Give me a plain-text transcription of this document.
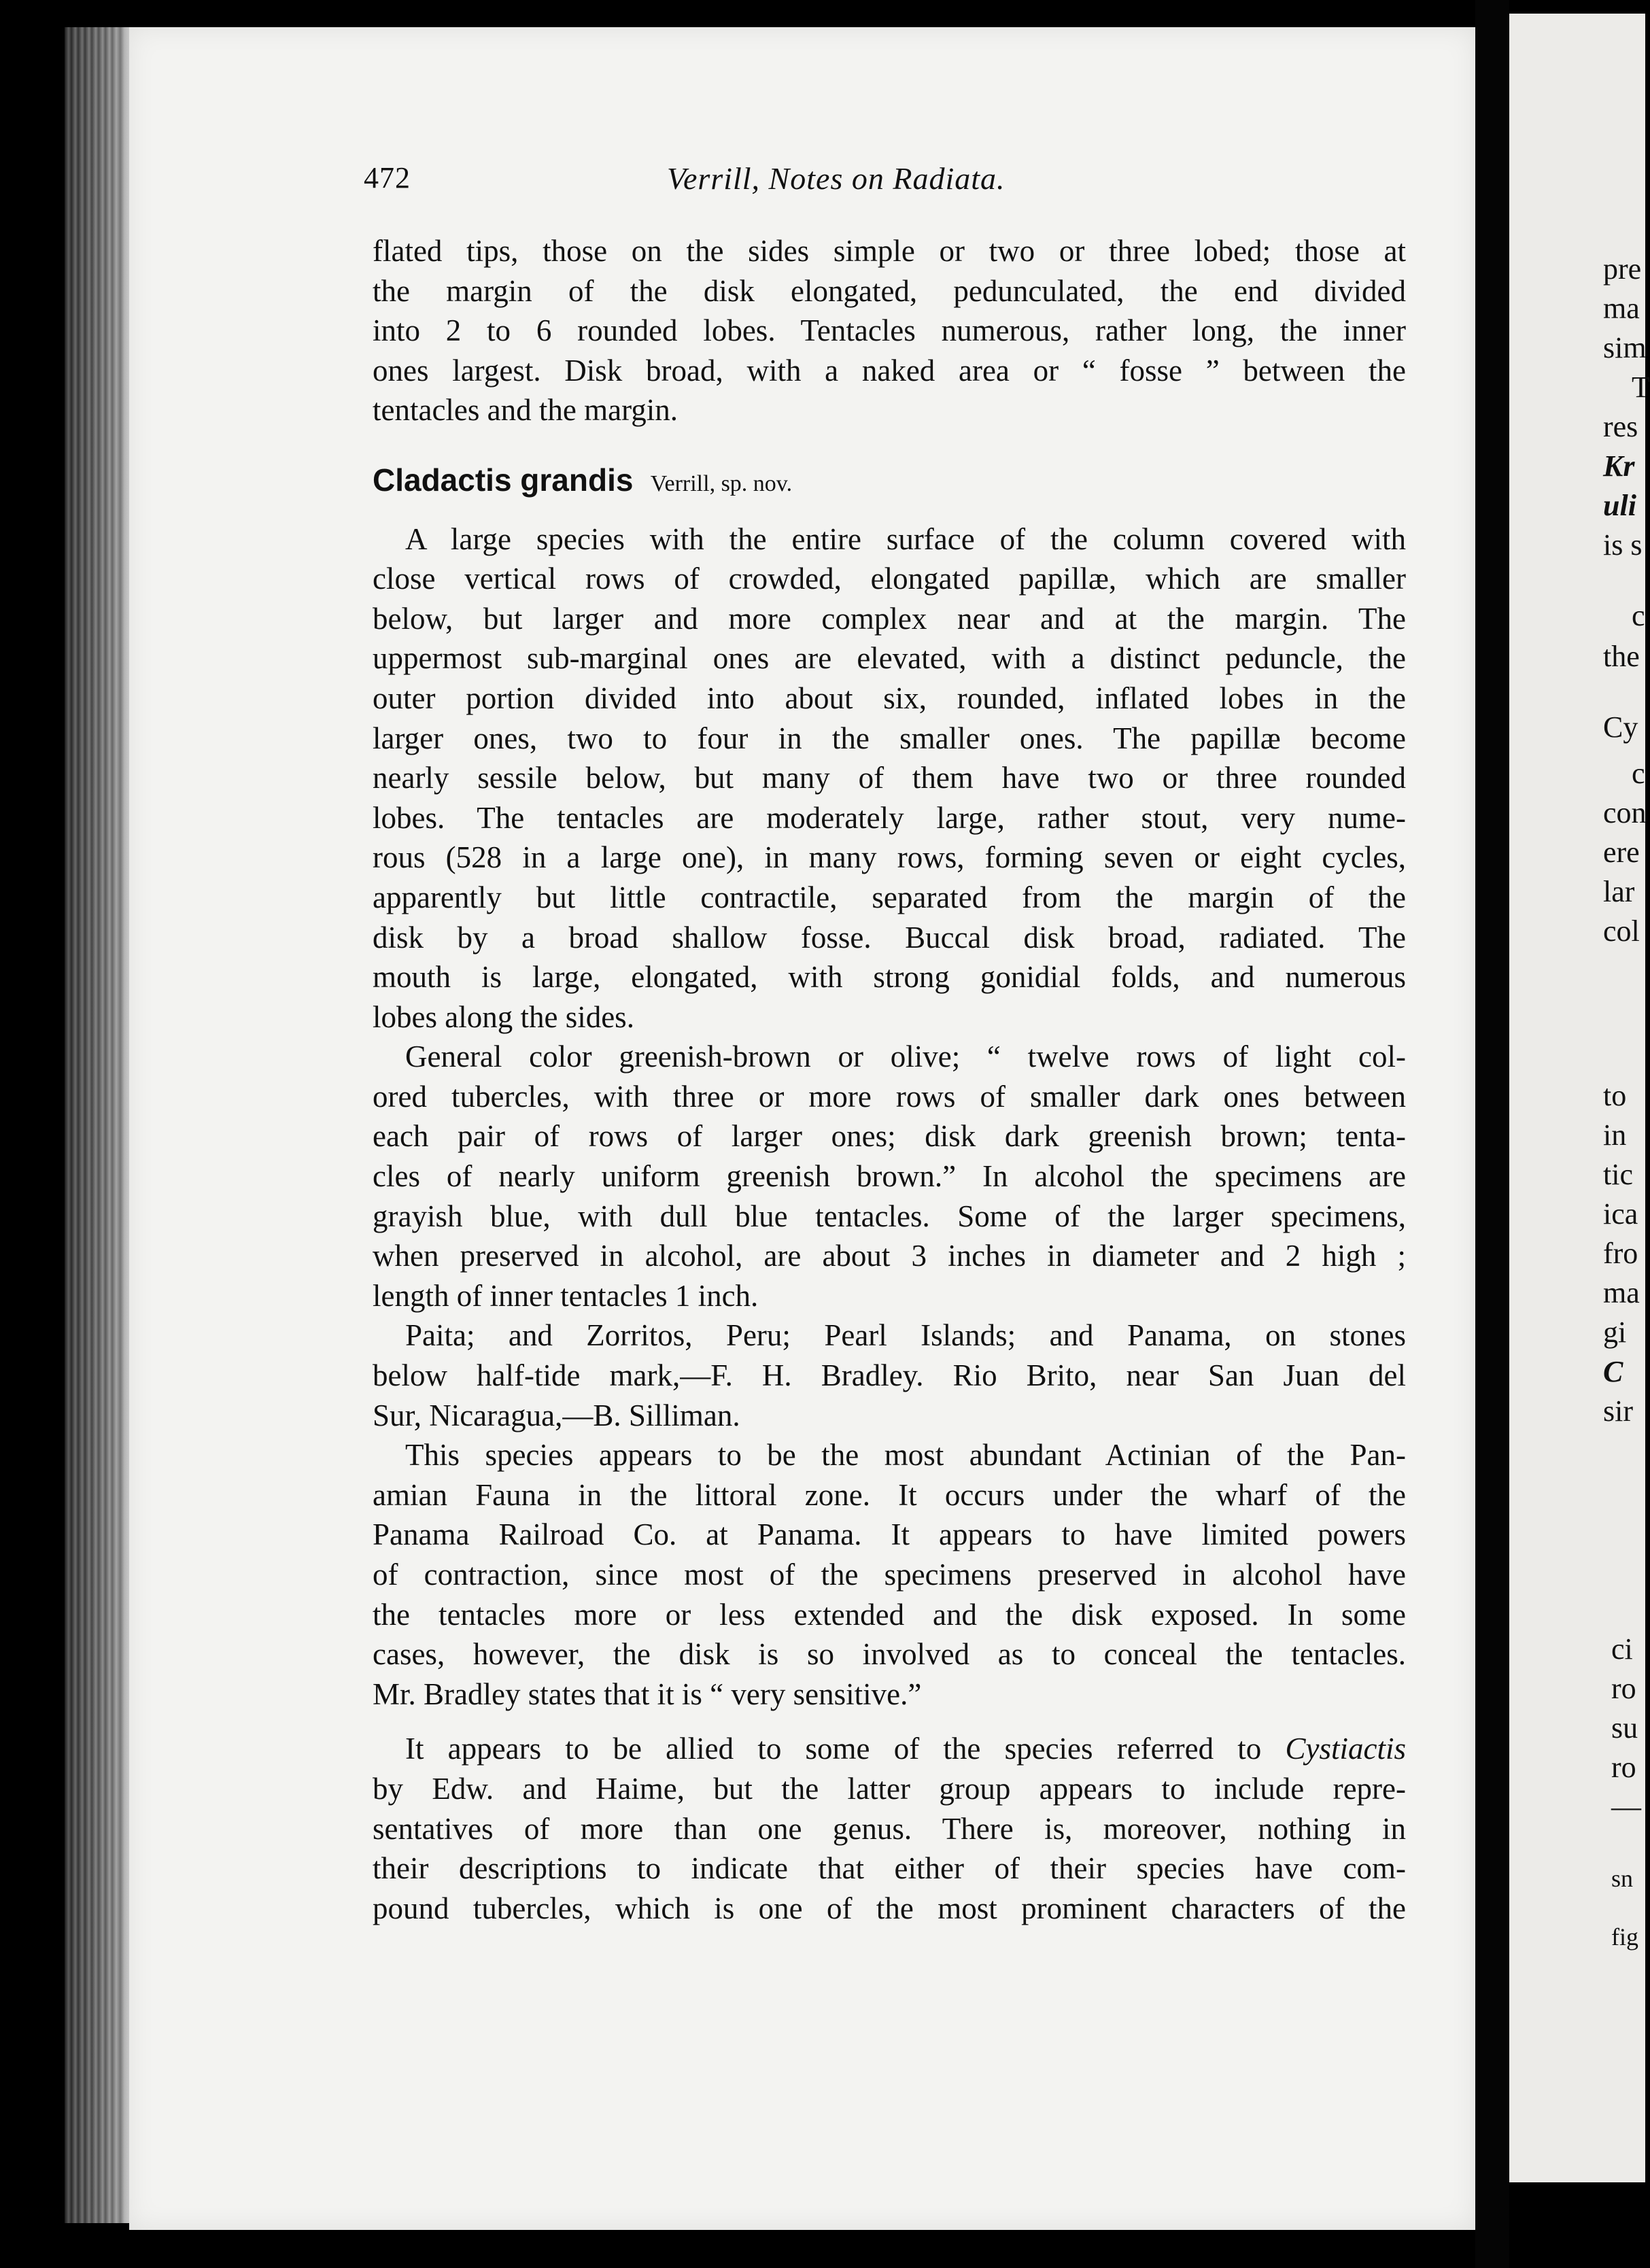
472	Verrill, Notes on Radiata.
flated tips, those on the sides simple or two or three lobed; those at
the margin of the disk elongated, pedunculated, the end divided
into 2 to 6 rounded lobes. Tentacles numerous, rather long, the inner
ones largest. Disk broad, with a naked area or “ fosse ” between the
tentacles and the margin.
Cladactis grandis Verrill, sp. nov.
A large species with the entire surface of the column covered with
close vertical rows of crowded, elongated papillæ, which are smaller
below, but larger and more complex near and at the margin. The
uppermost sub-marginal ones are elevated, with a distinct peduncle, the
outer portion divided into about six, rounded, inflated lobes in the
larger ones, two to four in the smaller ones. The papillæ become
nearly sessile below, but many of them have two or three rounded
lobes. The tentacles are moderately large, rather stout, very nume-
rous (528 in a large one), in many rows, forming seven or eight cycles,
apparently but little contractile, separated from the margin of the
disk by a broad shallow fosse. Buccal disk broad, radiated. The
mouth is large, elongated, with strong gonidial folds, and numerous
lobes along the sides.
General color greenish-brown or olive; “ twelve rows of light col-
ored tubercles, with three or more rows of smaller dark ones between
each pair of rows of larger ones; disk dark greenish brown; tenta-
cles of nearly uniform greenish brown.” In alcohol the specimens are
grayish blue, with dull blue tentacles. Some of the larger specimens,
when preserved in alcohol, are about 3 inches in diameter and 2 high ;
length of inner tentacles 1 inch.
Paita; and Zorritos, Peru; Pearl Islands; and Panama, on stones
below half-tide mark,—F. H. Bradley. Rio Brito, near San Juan del
Sur, Nicaragua,—B. Silliman.
This species appears to be the most abundant Actinian of the Pan-
amian Fauna in the littoral zone. It occurs under the wharf of the
Panama Railroad Co. at Panama. It appears to have limited powers
of contraction, since most of the specimens preserved in alcohol have
the tentacles more or less extended and the disk exposed. In some
cases, however, the disk is so involved as to conceal the tentacles.
Mr. Bradley states that it is “ very sensitive.”
It appears to be allied to some of the species referred to Cystiactis
by Edw. and Haime, but the latter group appears to include repre-
sentatives of more than one genus. There is, moreover, nothing in
their descriptions to indicate that either of their species have com-
pound tubercles, which is one of the most prominent characters of the
pre
ma
sim
T
res
Kr
uli
is s
c
the
Cy
c
con
ere
lar
col
to
in
tic
ica
fro
ma
gi
C
sir
ci
ro
su
ro
—
sn
fig
